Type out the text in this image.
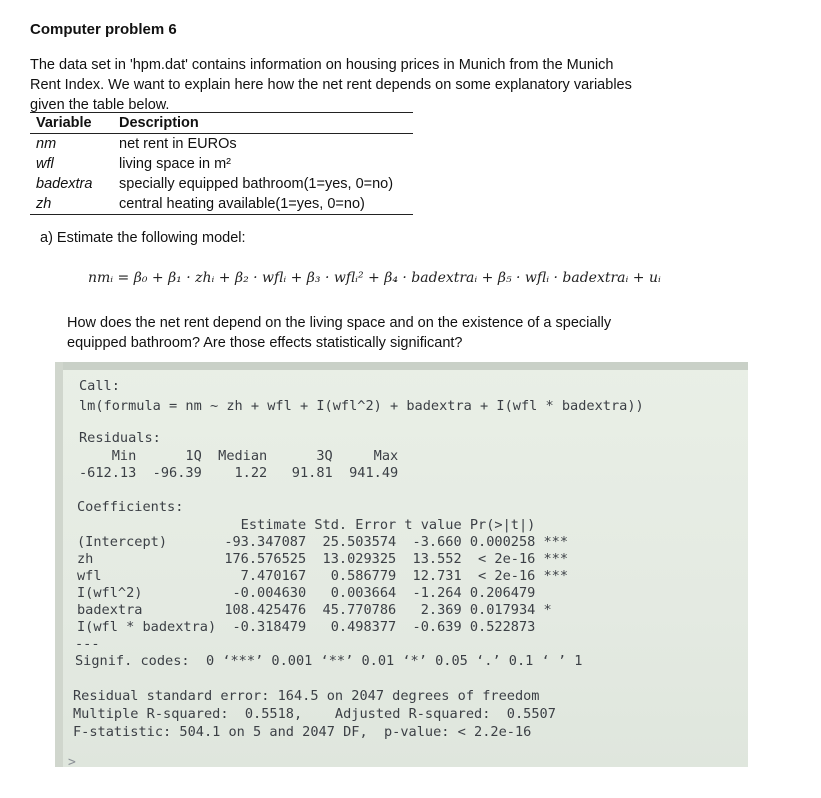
Computer problem 6
The data set in 'hpm.dat' contains information on housing prices in Munich from the Munich
Rent Index. We want to explain here how the net rent depends on some explanatory variables
given the table below.
Variable	Description
nm	net rent in EUROs
wfl	living space in m²
badextra	specially equipped bathroom(1=yes, 0=no)
zh	central heating available(1=yes, 0=no)
a) Estimate the following model:
nmᵢ = β₀ + β₁ · zhᵢ + β₂ · wflᵢ + β₃ · wflᵢ² + β₄ · badextraᵢ + β₅ · wflᵢ · badextraᵢ + uᵢ
How does the net rent depend on the living space and on the existence of a specially
equipped bathroom? Are those effects statistically significant?
Call:
lm(formula = nm ~ zh + wfl + I(wfl^2) + badextra + I(wfl * badextra))
Residuals:
Min      1Q  Median      3Q     Max
-612.13  -96.39    1.22   91.81  941.49
Coefficients:
Estimate Std. Error t value Pr(>|t|)
(Intercept)       -93.347087  25.503574  -3.660 0.000258 ***
zh                176.576525  13.029325  13.552  < 2e-16 ***
wfl                 7.470167   0.586779  12.731  < 2e-16 ***
I(wfl^2)           -0.004630   0.003664  -1.264 0.206479
badextra          108.425476  45.770786   2.369 0.017934 *
I(wfl * badextra)  -0.318479   0.498377  -0.639 0.522873
---
Signif. codes:  0 ‘***’ 0.001 ‘**’ 0.01 ‘*’ 0.05 ‘.’ 0.1 ‘ ’ 1
Residual standard error: 164.5 on 2047 degrees of freedom
Multiple R-squared:  0.5518,	Adjusted R-squared:  0.5507
F-statistic: 504.1 on 5 and 2047 DF,  p-value: < 2.2e-16
>
